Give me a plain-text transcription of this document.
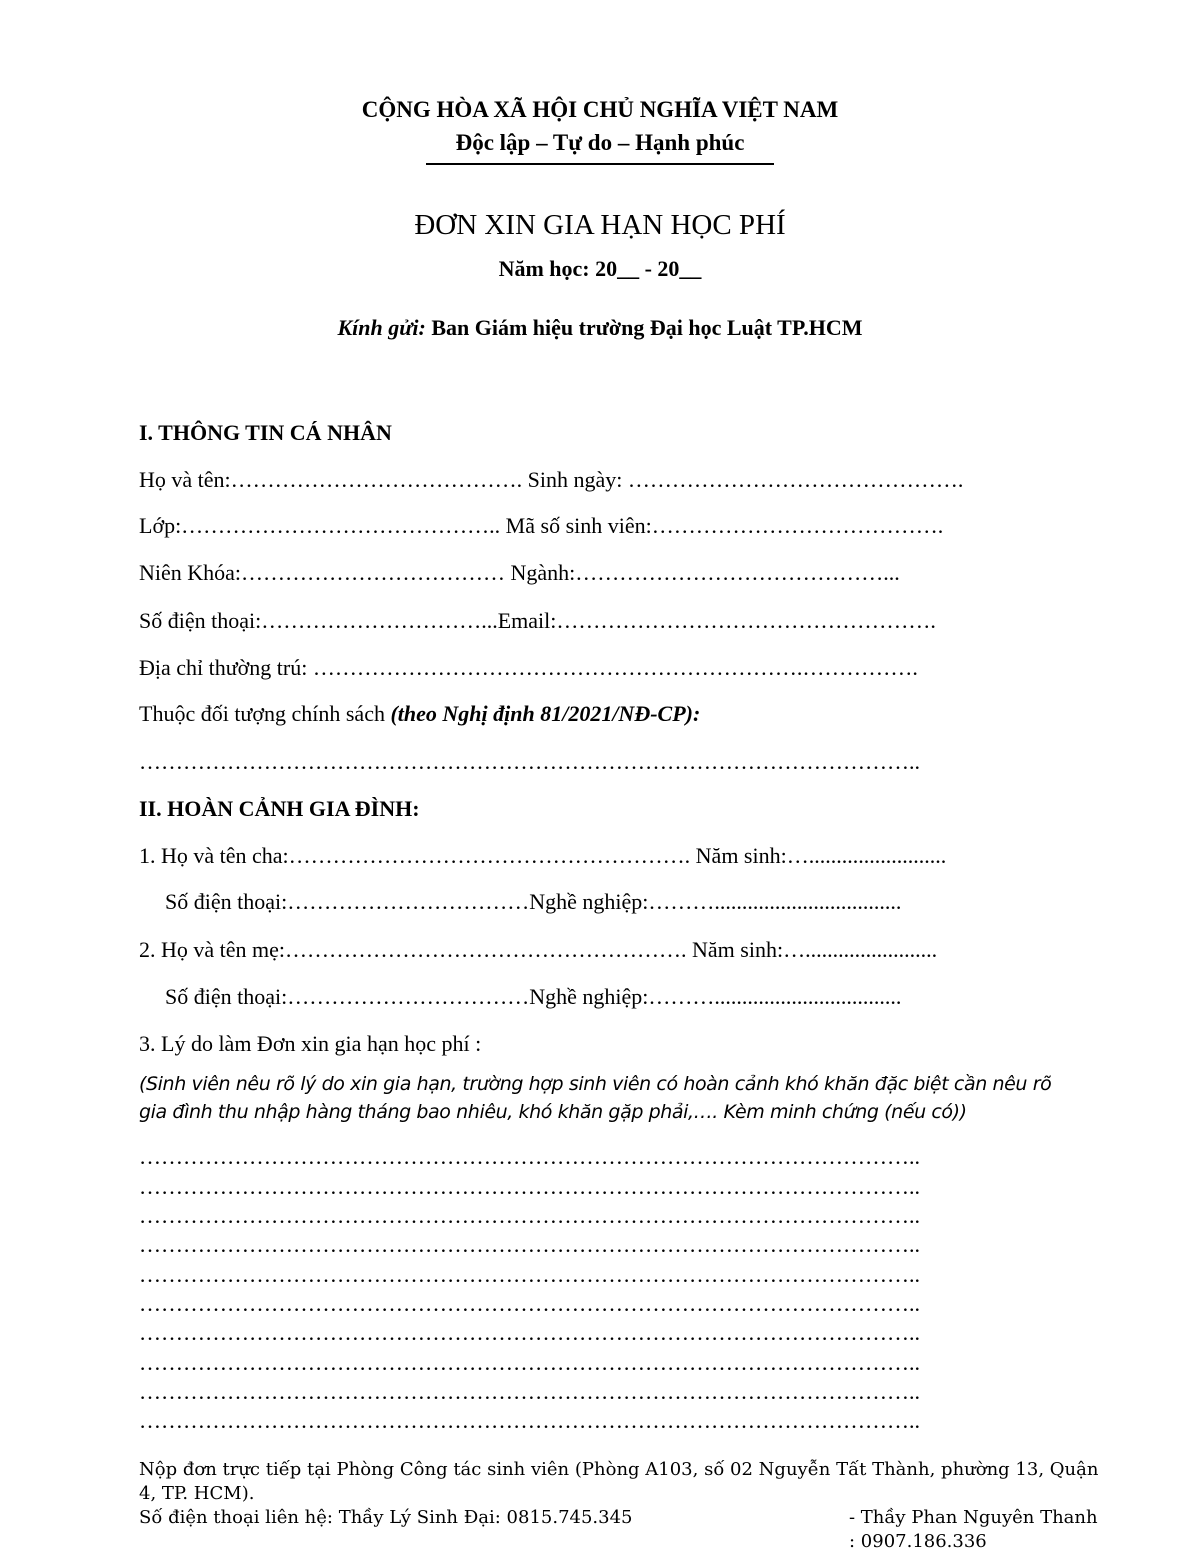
CỘNG HÒA XÃ HỘI CHỦ NGHĨA VIỆT NAM
Độc lập – Tự do – Hạnh phúc
ĐƠN XIN GIA HẠN HỌC PHÍ
Năm học: 20__ - 20__
Kính gửi: Ban Giám hiệu trường Đại học Luật TP.HCM
I. THÔNG TIN CÁ NHÂN
Họ và tên:…………………………………. Sinh ngày: ……………………………………….
Lớp:…………………………………….. Mã số sinh viên:………………………………….
Niên Khóa:……………………………… Ngành:……………………………………...
Số điện thoại:…………………………...Email:…………………………………………….
Địa chỉ thường trú: ………………………………………………………….…………….
Thuộc đối tượng chính sách (theo Nghị định 81/2021/NĐ-CP):
……………………………………………………………………………………………..
II. HOÀN CẢNH GIA ĐÌNH:
1. Họ và tên cha:………………………………………………. Năm sinh:….........................
Số điện thoại:……………………………Nghề nghiệp:………..................................
2. Họ và tên mẹ:………………………………………………. Năm sinh:…........................
Số điện thoại:……………………………Nghề nghiệp:………..................................
3. Lý do làm Đơn xin gia hạn học phí :
(Sinh viên nêu rõ lý do xin gia hạn, trường hợp sinh viên có hoàn cảnh khó khăn đặc biệt cần nêu rõ
gia đình thu nhập hàng tháng bao nhiêu, khó khăn gặp phải,…. Kèm minh chứng (nếu có))
……………………………………………………………………………………………..
……………………………………………………………………………………………..
……………………………………………………………………………………………..
……………………………………………………………………………………………..
……………………………………………………………………………………………..
……………………………………………………………………………………………..
……………………………………………………………………………………………..
……………………………………………………………………………………………..
……………………………………………………………………………………………..
……………………………………………………………………………………………..
Nộp đơn trực tiếp tại Phòng Công tác sinh viên (Phòng A103, số 02 Nguyễn Tất Thành, phường 13, Quận 4, TP. HCM).
Số điện thoại liên hệ: Thầy Lý Sinh Đại: 0815.745.345	- Thầy Phan Nguyên Thanh : 0907.186.336
